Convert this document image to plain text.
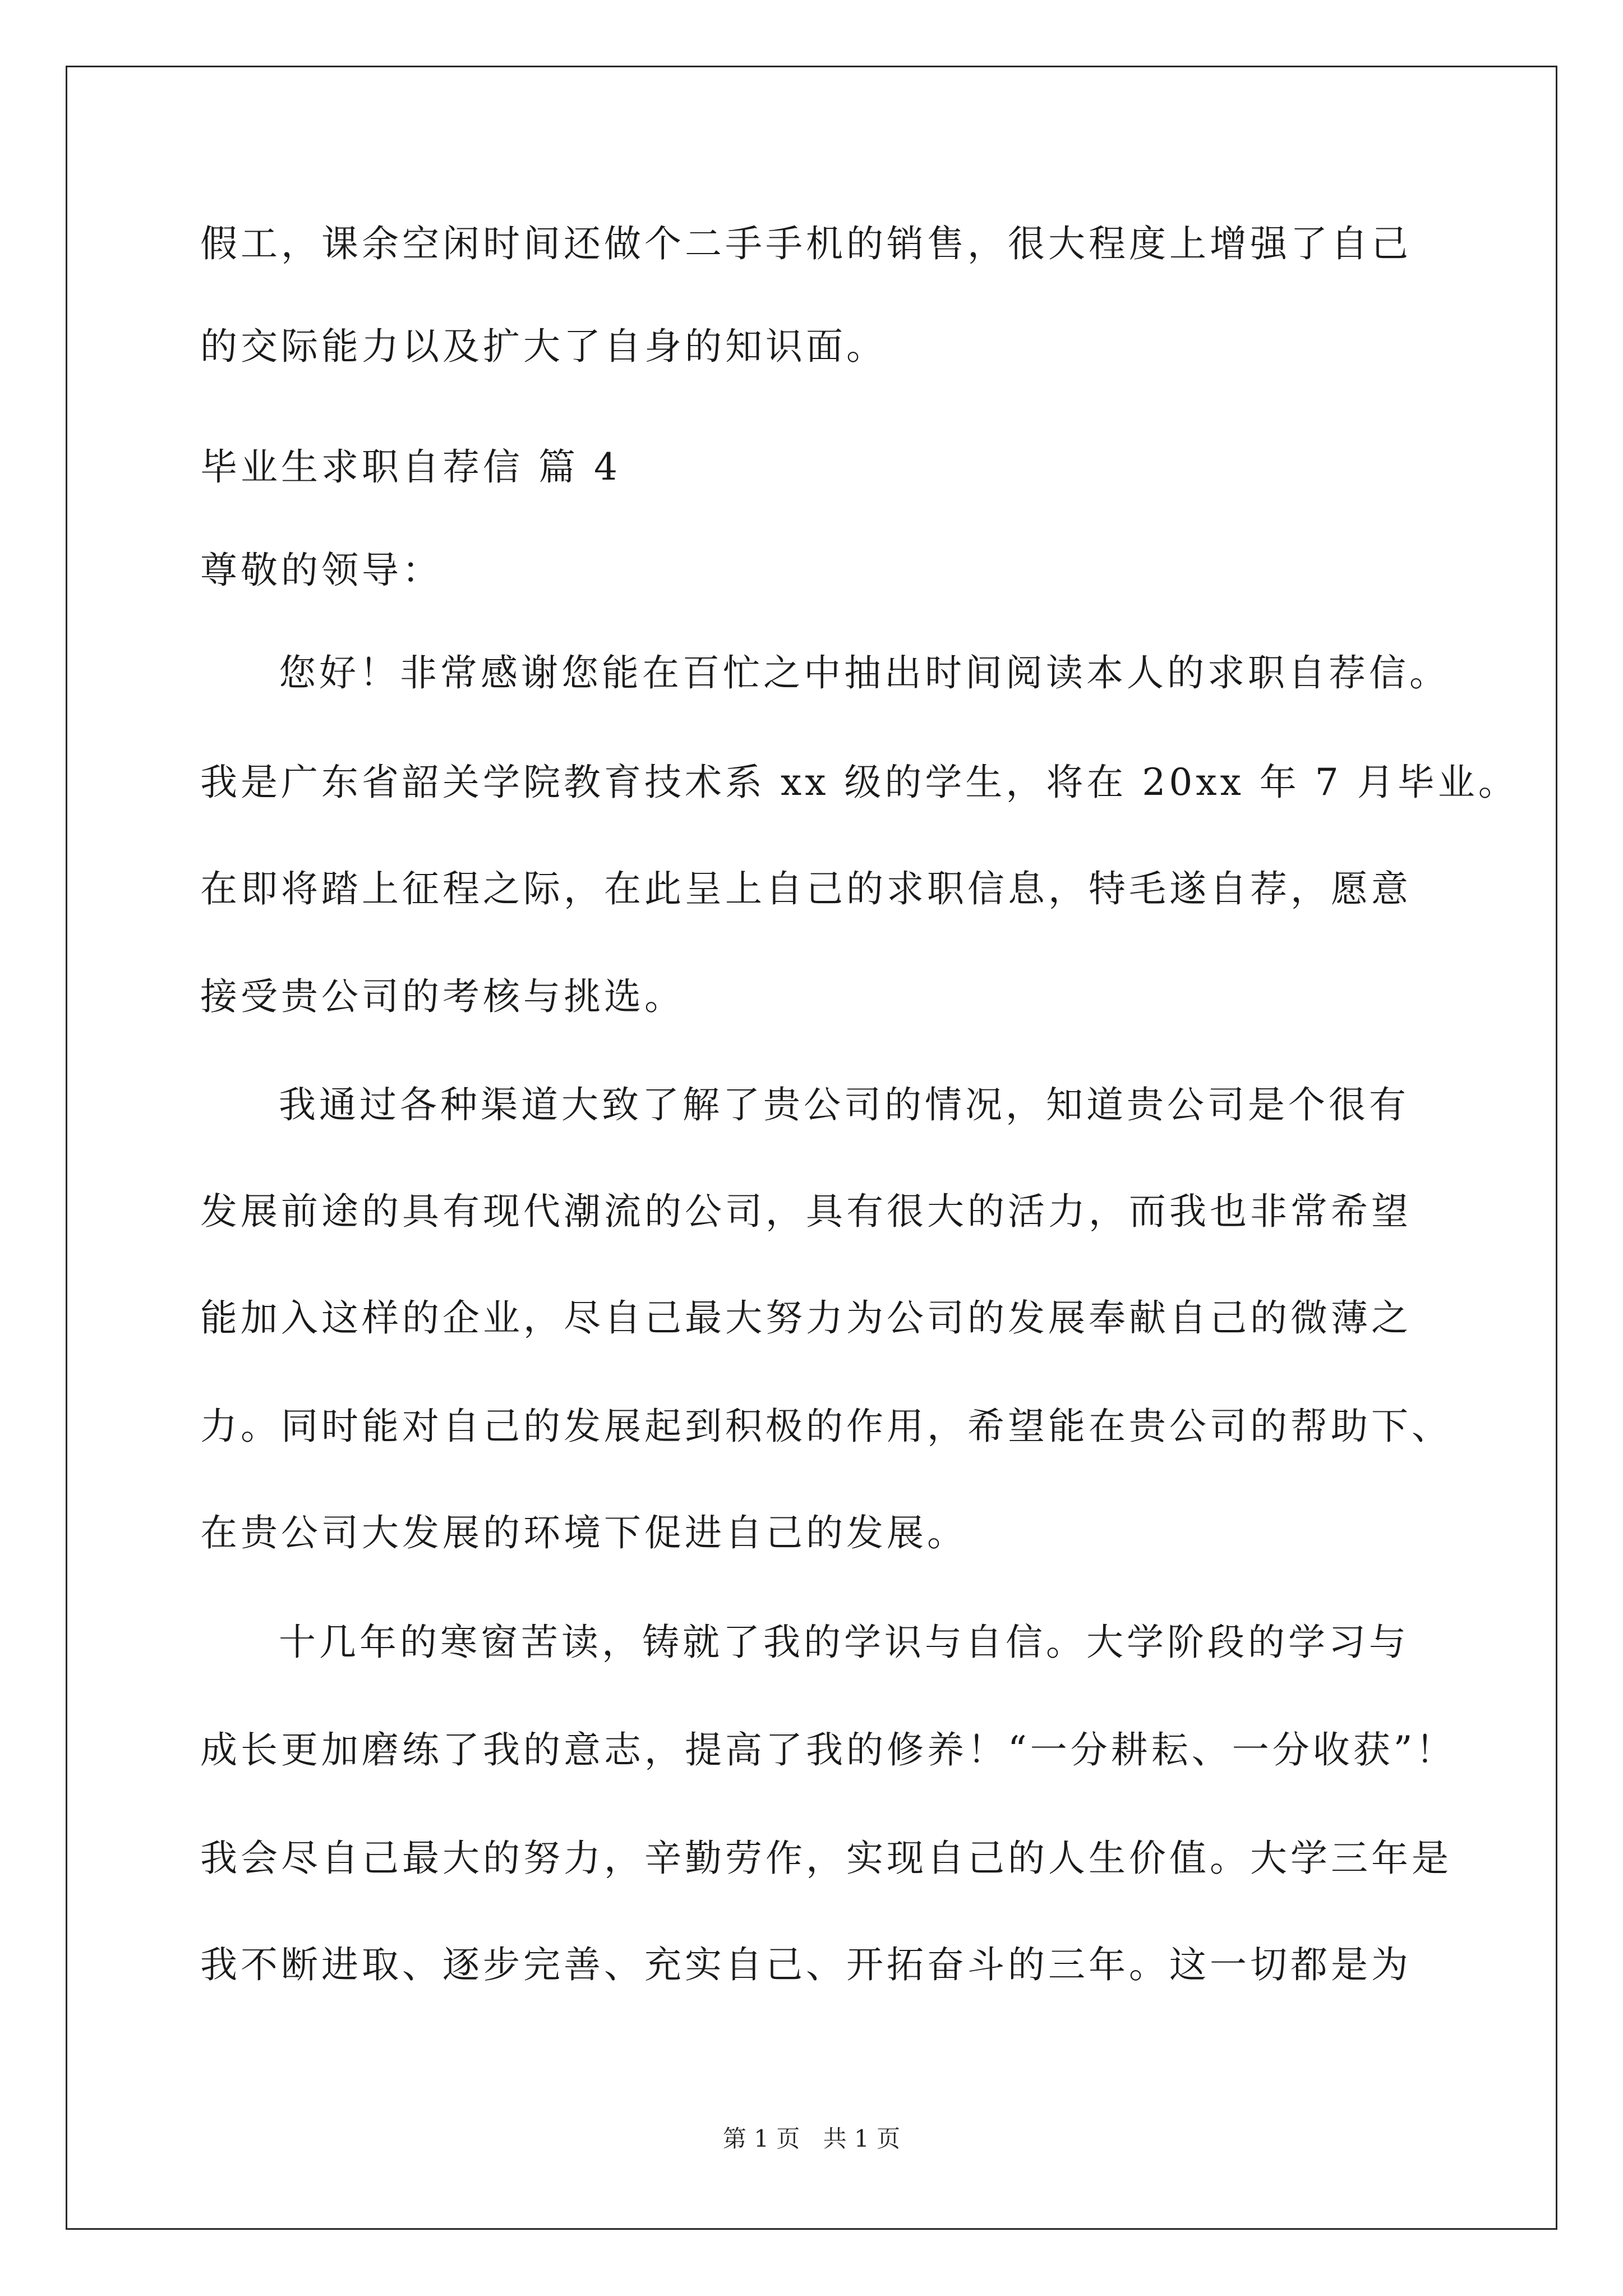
假工，课余空闲时间还做个二手手机的销售，很大程度上增强了自己
的交际能力以及扩大了自身的知识面。
毕业生求职自荐信 篇 4
尊敬的领导：
您好！非常感谢您能在百忙之中抽出时间阅读本人的求职自荐信。
我是广东省韶关学院教育技术系 xx 级的学生，将在 20xx 年 7 月毕业。
在即将踏上征程之际，在此呈上自己的求职信息，特毛遂自荐，愿意
接受贵公司的考核与挑选。
我通过各种渠道大致了解了贵公司的情况，知道贵公司是个很有
发展前途的具有现代潮流的公司，具有很大的活力，而我也非常希望
能加入这样的企业，尽自己最大努力为公司的发展奉献自己的微薄之
力。同时能对自己的发展起到积极的作用，希望能在贵公司的帮助下、
在贵公司大发展的环境下促进自己的发展。
十几年的寒窗苦读，铸就了我的学识与自信。大学阶段的学习与
成长更加磨练了我的意志，提高了我的修养！“一分耕耘、一分收获”！
我会尽自己最大的努力，辛勤劳作，实现自己的人生价值。大学三年是
我不断进取、逐步完善、充实自己、开拓奋斗的三年。这一切都是为
第 1 页 共 1 页
